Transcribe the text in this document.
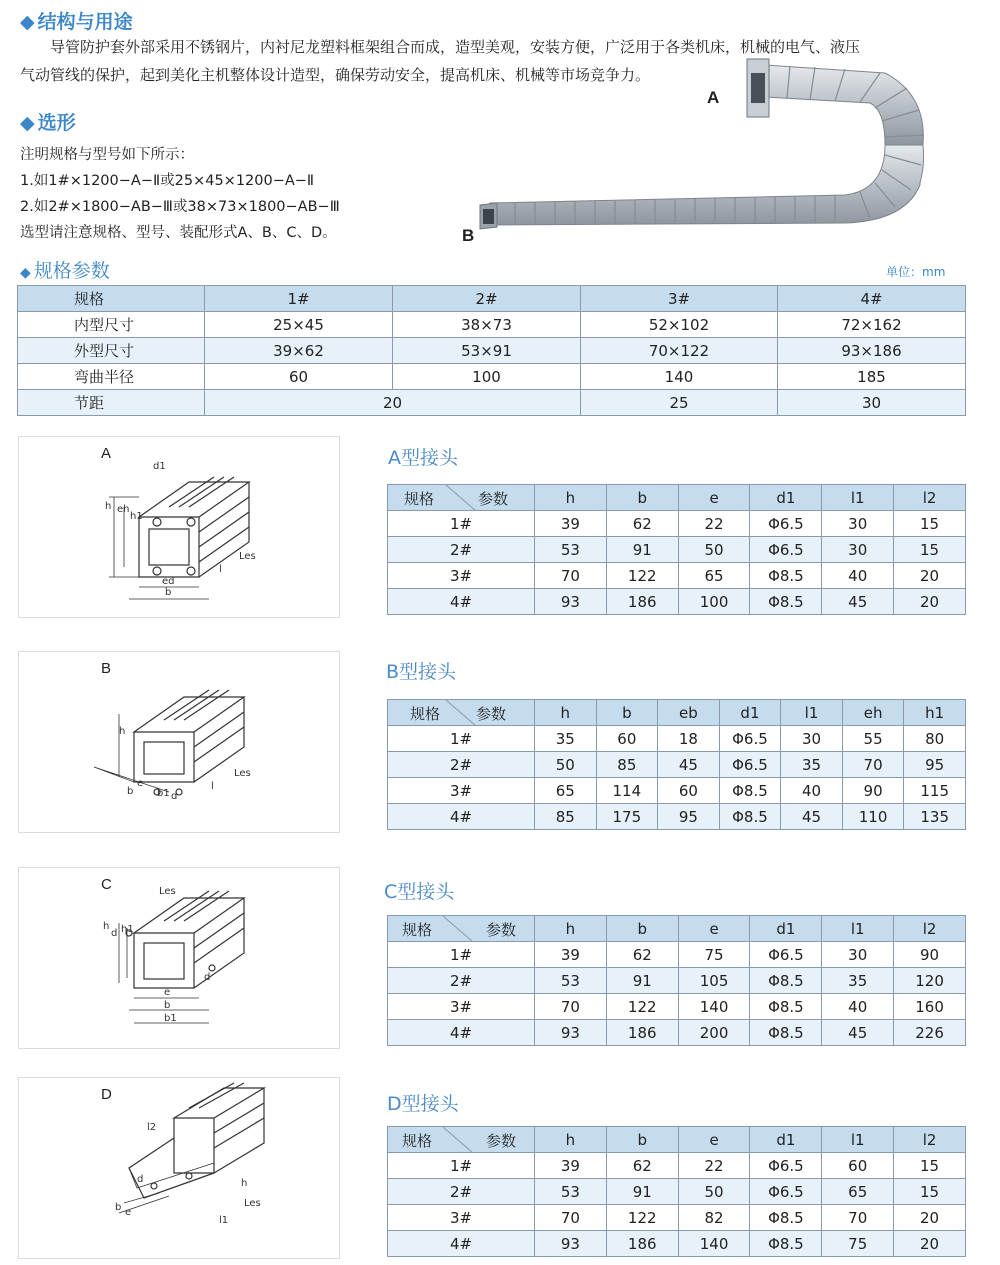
◆ 结构与用途
导管防护套外部采用不锈钢片，内衬尼龙塑料框架组合而成，造型美观，安装方便，广泛用于各类机床，机械的电气、液压
气动管线的保护，起到美化主机整体设计造型，确保劳动安全，提高机床、机械等市场竞争力。
◆ 选形
注明规格与型号如下所示：
1.如1#×1200−A−Ⅱ或25×45×1200−A−Ⅱ
2.如2#×1800−AB−Ⅲ或38×73×1800−AB−Ⅲ
选型请注意规格、型号、装配形式A、B、C、D。
A
B
◆ 规格参数	单位：mm
规格	1#	2#	3#	4#
内型尺寸	25×45	38×73	52×102	72×162
外型尺寸	39×62	53×91	70×122	93×186
弯曲半径	60	100	140	185
节距	20		25	30
A
d1
h eh
h1
ed
b
l
Les
B
h
e
b b1 d
l
Les
C	Les
h
d h1
e
b
b1
d
D
l2
d
b e
h
Les
l1
A型接头
规格 参数	h	b	e	d1	l1	l2
1#	39	62	22	Φ6.5	30	15
2#	53	91	50	Φ6.5	30	15
3#	70	122	65	Φ8.5	40	20
4#	93	186	100	Φ8.5	45	20
B型接头
规格 参数	h	b	eb	d1	l1	eh	h1
1#	35	60	18	Φ6.5	30	55	80
2#	50	85	45	Φ6.5	35	70	95
3#	65	114	60	Φ8.5	40	90	115
4#	85	175	95	Φ8.5	45	110	135
C型接头
规格 参数	h	b	e	d1	l1	l2
1#	39	62	75	Φ6.5	30	90
2#	53	91	105	Φ8.5	35	120
3#	70	122	140	Φ8.5	40	160
4#	93	186	200	Φ8.5	45	226
D型接头
规格 参数	h	b	e	d1	l1	l2
1#	39	62	22	Φ6.5	60	15
2#	53	91	50	Φ6.5	65	15
3#	70	122	82	Φ8.5	70	20
4#	93	186	140	Φ8.5	75	20
